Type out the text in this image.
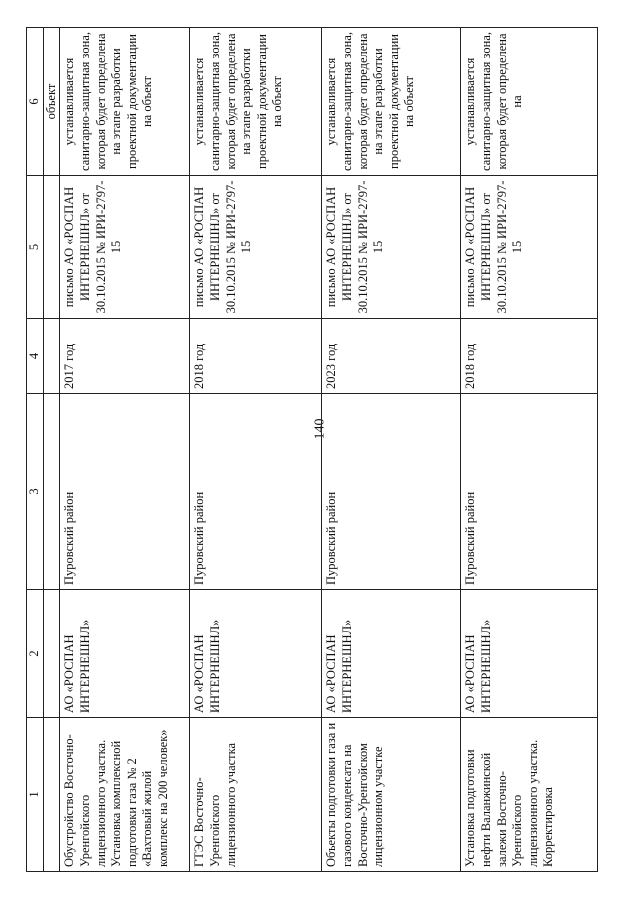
140
1	2	3	4	5	6
					объект
Обустройство Восточно-Уренгойского лицензионного участка. Установка комплексной подготовки газа № 2 «Вахтовый жилой комплекс на 200 человек»	АО «РОСПАН ИНТЕРНЕШНЛ»	Пуровский район	2017 год	письмо АО «РОСПАН ИНТЕРНЕШНЛ» от 30.10.2015 № ИРИ-2797-15	устанавливается санитарно-защитная зона, которая будет определена на этапе разработки проектной документации на объект
ГТЭС Восточно-Уренгойского лицензионного участка	АО «РОСПАН ИНТЕРНЕШНЛ»	Пуровский район	2018 год	письмо АО «РОСПАН ИНТЕРНЕШНЛ» от 30.10.2015 № ИРИ-2797-15	устанавливается санитарно-защитная зона, которая будет определена на этапе разработки проектной документации на объект
Объекты подготовки газа и газового конденсата на Восточно-Уренгойском лицензионном участке	АО «РОСПАН ИНТЕРНЕШНЛ»	Пуровский район	2023 год	письмо АО «РОСПАН ИНТЕРНЕШНЛ» от 30.10.2015 № ИРИ-2797-15	устанавливается санитарно-защитная зона, которая будет определена на этапе разработки проектной документации на объект
Установка подготовки нефти Валанжинской залежи Восточно-Уренгойского лицензионного участка. Корректировка	АО «РОСПАН ИНТЕРНЕШНЛ»	Пуровский район	2018 год	письмо АО «РОСПАН ИНТЕРНЕШНЛ» от 30.10.2015 № ИРИ-2797-15	устанавливается санитарно-защитная зона, которая будет определена на
